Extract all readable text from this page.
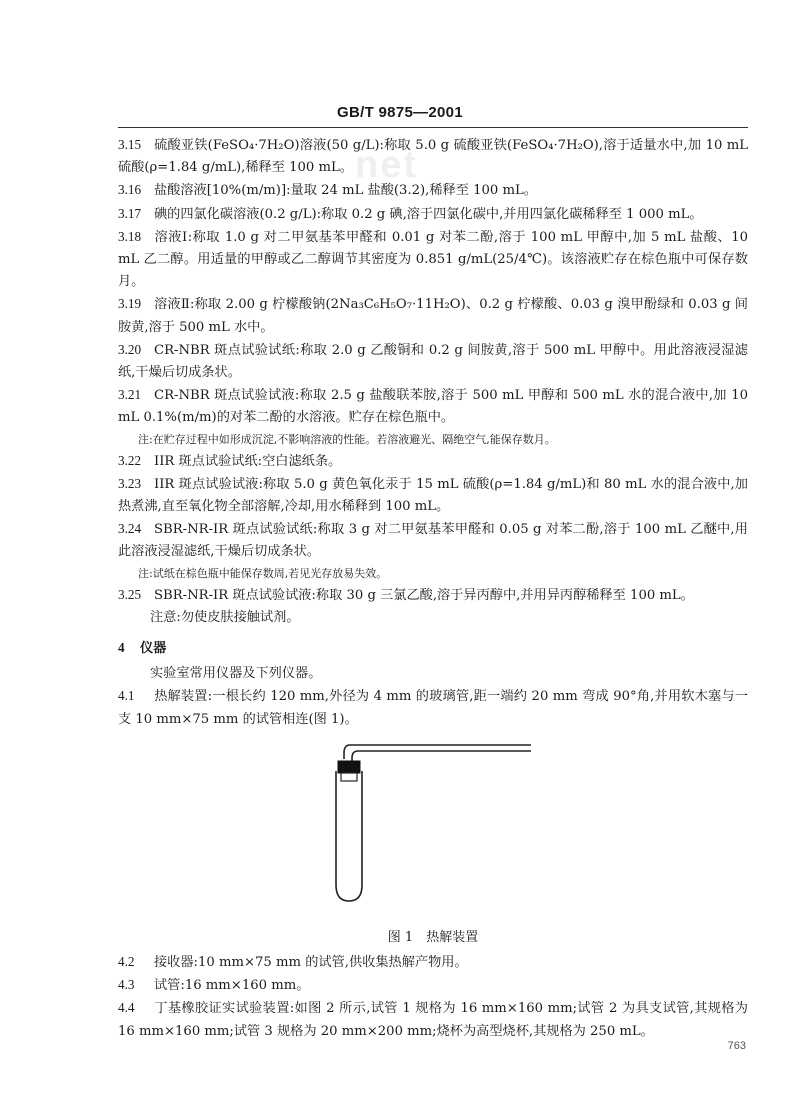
GB/T 9875—2001
net

3.15 硫酸亚铁(FeSO₄·7H₂O)溶液(50 g/L):称取 5.0 g 硫酸亚铁(FeSO₄·7H₂O),溶于适量水中,加 10 mL 硫酸(ρ=1.84 g/mL),稀释至 100 mL。

3.16 盐酸溶液[10%(m/m)]:量取 24 mL 盐酸(3.2),稀释至 100 mL。

3.17 碘的四氯化碳溶液(0.2 g/L):称取 0.2 g 碘,溶于四氯化碳中,并用四氯化碳稀释至 1 000 mL。

3.18 溶液Ⅰ:称取 1.0 g 对二甲氨基苯甲醛和 0.01 g 对苯二酚,溶于 100 mL 甲醇中,加 5 mL 盐酸、10 mL 乙二醇。用适量的甲醇或乙二醇调节其密度为 0.851 g/mL(25/4℃)。该溶液贮存在棕色瓶中可保存数月。

3.19 溶液Ⅱ:称取 2.00 g 柠檬酸钠(2Na₃C₆H₅O₇·11H₂O)、0.2 g 柠檬酸、0.03 g 溴甲酚绿和 0.03 g 间胺黄,溶于 500 mL 水中。

3.20 CR-NBR 斑点试验试纸:称取 2.0 g 乙酸铜和 0.2 g 间胺黄,溶于 500 mL 甲醇中。用此溶液浸湿滤纸,干燥后切成条状。

3.21 CR-NBR 斑点试验试液:称取 2.5 g 盐酸联苯胺,溶于 500 mL 甲醇和 500 mL 水的混合液中,加 10 mL 0.1%(m/m)的对苯二酚的水溶液。贮存在棕色瓶中。

注:在贮存过程中如形成沉淀,不影响溶液的性能。若溶液避光、隔绝空气,能保存数月。

3.22 IIR 斑点试验试纸:空白滤纸条。

3.23 IIR 斑点试验试液:称取 5.0 g 黄色氧化汞于 15 mL 硫酸(ρ=1.84 g/mL)和 80 mL 水的混合液中,加热煮沸,直至氧化物全部溶解,冷却,用水稀释到 100 mL。

3.24 SBR-NR-IR 斑点试验试纸:称取 3 g 对二甲氨基苯甲醛和 0.05 g 对苯二酚,溶于 100 mL 乙醚中,用此溶液浸湿滤纸,干燥后切成条状。

注:试纸在棕色瓶中能保存数周,若见光存放易失效。

3.25 SBR-NR-IR 斑点试验试液:称取 30 g 三氯乙酸,溶于异丙醇中,并用异丙醇稀释至 100 mL。

注意:勿使皮肤接触试剂。

4 仪器

实验室常用仪器及下列仪器。

4.1 热解装置:一根长约 120 mm,外径为 4 mm 的玻璃管,距一端约 20 mm 弯成 90°角,并用软木塞与一支 10 mm×75 mm 的试管相连(图 1)。

图 1　热解装置

4.2 接收器:10 mm×75 mm 的试管,供收集热解产物用。

4.3 试管:16 mm×160 mm。

4.4 丁基橡胶证实试验装置:如图 2 所示,试管 1 规格为 16 mm×160 mm;试管 2 为具支试管,其规格为 16 mm×160 mm;试管 3 规格为 20 mm×200 mm;烧杯为高型烧杯,其规格为 250 mL。

763
